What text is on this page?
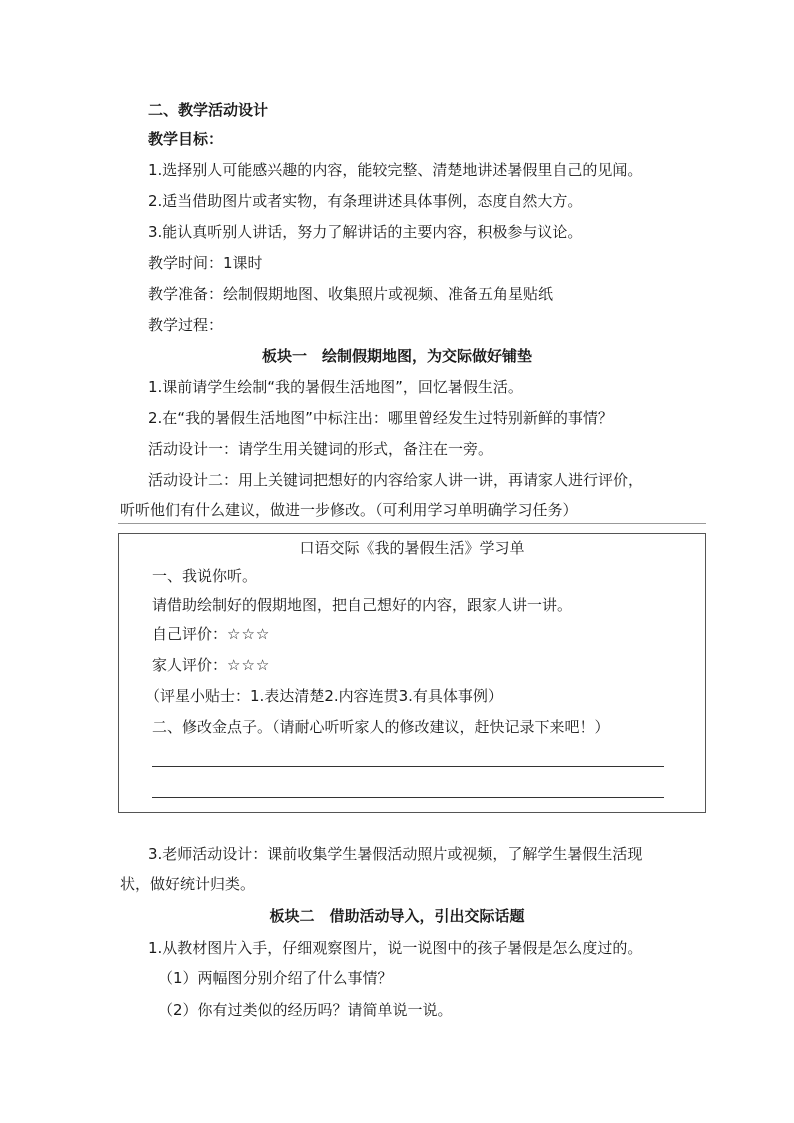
二、教学活动设计
教学目标：
1.选择别人可能感兴趣的内容，能较完整、清楚地讲述暑假里自己的见闻。
2.适当借助图片或者实物，有条理讲述具体事例，态度自然大方。
3.能认真听别人讲话，努力了解讲话的主要内容，积极参与议论。
教学时间：1课时
教学准备：绘制假期地图、收集照片或视频、准备五角星贴纸
教学过程：
板块一　绘制假期地图，为交际做好铺垫
1.课前请学生绘制“我的暑假生活地图”，回忆暑假生活。
2.在“我的暑假生活地图”中标注出：哪里曾经发生过特别新鲜的事情？
活动设计一：请学生用关键词的形式，备注在一旁。
活动设计二：用上关键词把想好的内容给家人讲一讲，再请家人进行评价，
听听他们有什么建议，做进一步修改。（可利用学习单明确学习任务）
口语交际《我的暑假生活》学习单
一、我说你听。
请借助绘制好的假期地图，把自己想好的内容，跟家人讲一讲。
自己评价：☆☆☆
家人评价：☆☆☆
（评星小贴士：1.表达清楚2.内容连贯3.有具体事例）
二、修改金点子。（请耐心听听家人的修改建议，赶快记录下来吧！）
3.老师活动设计：课前收集学生暑假活动照片或视频，了解学生暑假生活现
状，做好统计归类。
板块二　借助活动导入，引出交际话题
1.从教材图片入手，仔细观察图片，说一说图中的孩子暑假是怎么度过的。
（1）两幅图分别介绍了什么事情？
（2）你有过类似的经历吗？请简单说一说。
